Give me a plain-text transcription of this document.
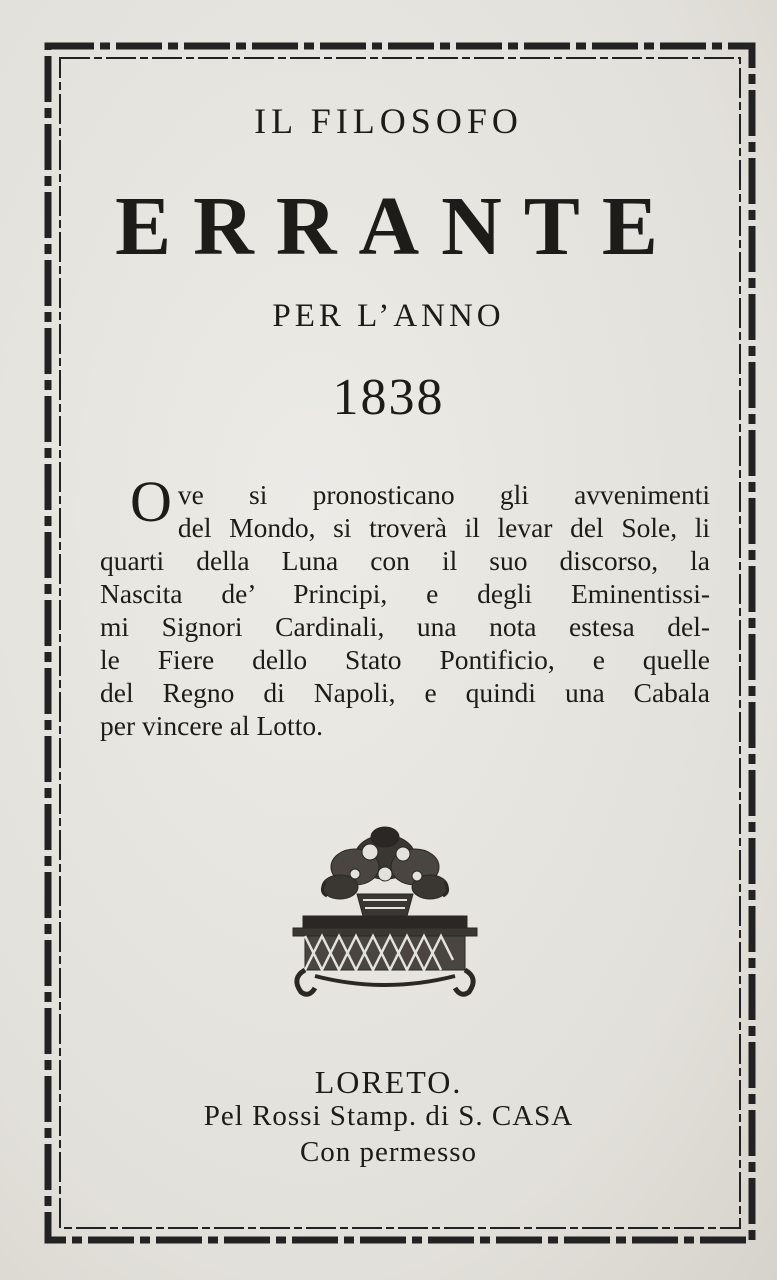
IL FILOSOFO
ERRANTE
PER L’ANNO
1838
O ve si pronosticano gli avvenimenti
del Mondo, si troverà il levar del Sole, li
quarti della Luna con il suo discorso, la
Nascita de’ Principi, e degli Eminentissi-
mi Signori Cardinali, una nota estesa del-
le Fiere dello Stato Pontificio, e quelle
del Regno di Napoli, e quindi una Cabala
per vincere al Lotto.
LORETO.
Pel Rossi Stamp. di S. CASA
Con permesso
